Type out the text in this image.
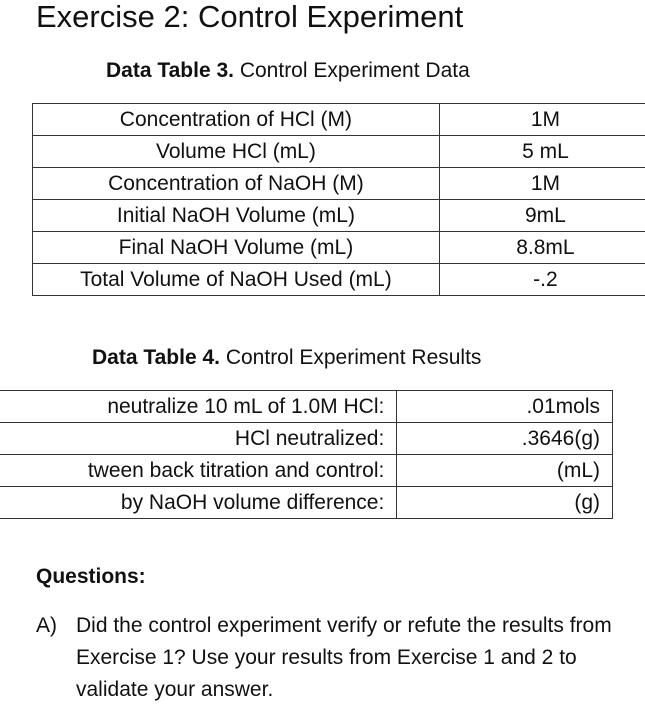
Exercise 2: Control Experiment
Data Table 3. Control Experiment Data
Concentration of HCl (M)	1M
Volume HCl (mL)	5 mL
Concentration of NaOH (M)	1M
Initial NaOH Volume (mL)	9mL
Final NaOH Volume (mL)	8.8mL
Total Volume of NaOH Used (mL)	-.2
Data Table 4. Control Experiment Results
neutralize 10 mL of 1.0M HCl:	.01mols
HCl neutralized:	.3646(g)
tween back titration and control:	(mL)
by NaOH volume difference:	(g)
Questions:
A) Did the control experiment verify or refute the results from Exercise 1? Use your results from Exercise 1 and 2 to validate your answer.
